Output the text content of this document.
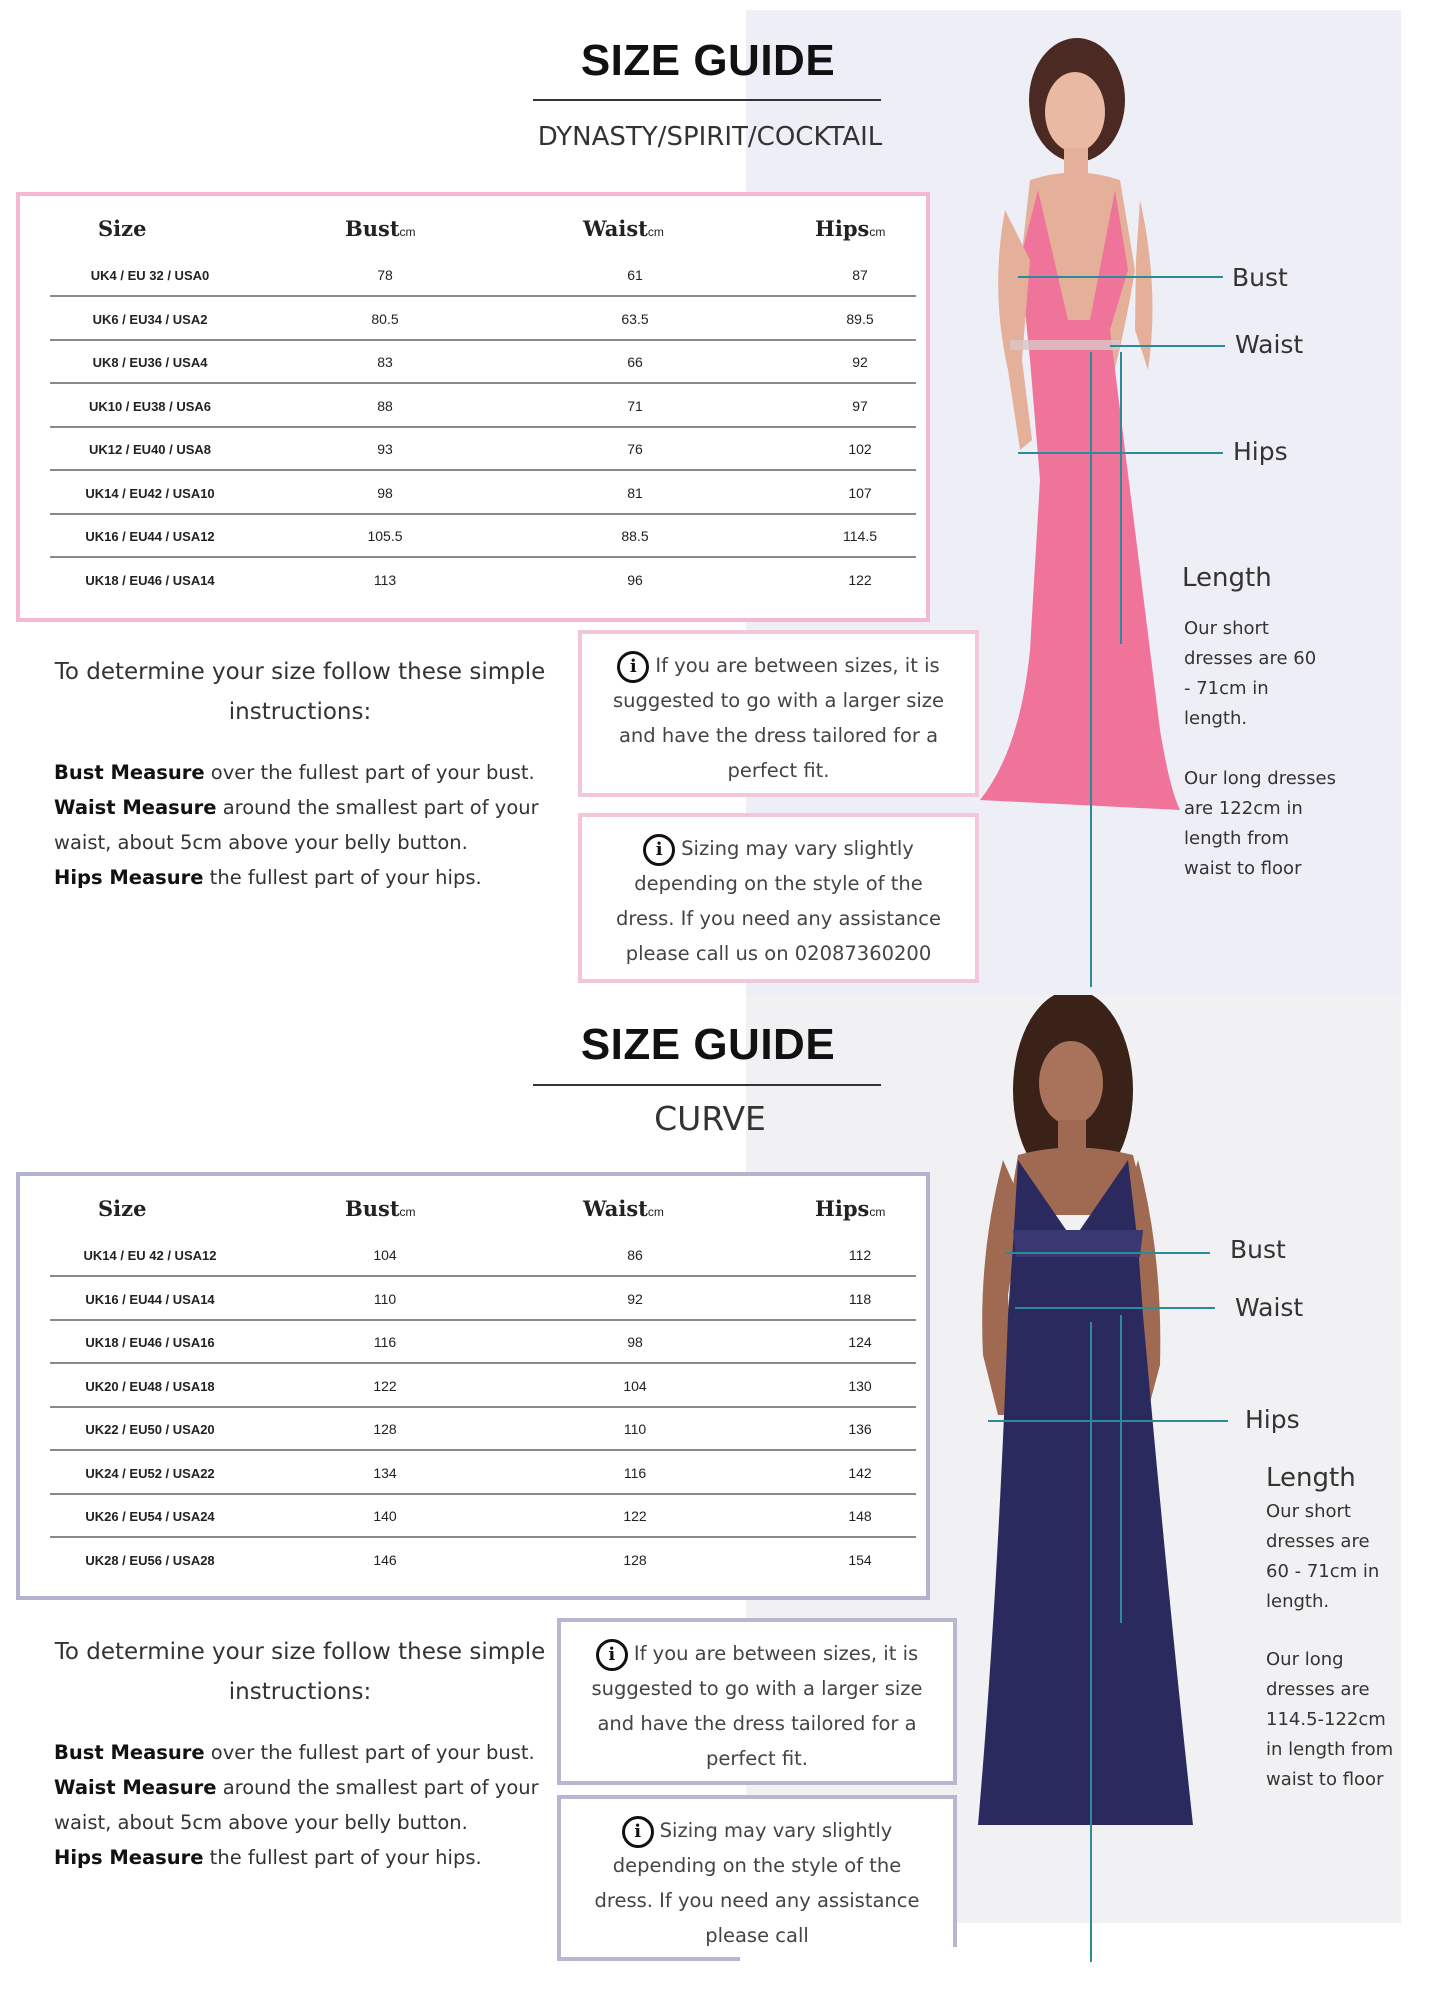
SIZE GUIDE
DYNASTY/SPIRIT/COCKTAIL
Size	Bustcm	Waistcm	Hipscm
UK4 / EU 32 / USA0	78	61	87
UK6 / EU34 / USA2	80.5	63.5	89.5
UK8 / EU36 / USA4	83	66	92
UK10 / EU38 / USA6	88	71	97
UK12 / EU40 / USA8	93	76	102
UK14 / EU42 / USA10	98	81	107
UK16 / EU44 / USA12	105.5	88.5	114.5
UK18 / EU46 / USA14	113	96	122
To determine your size follow these simple instructions:
Bust Measure over the fullest part of your bust.
Waist Measure around the smallest part of your waist, about 5cm above your belly button.
Hips Measure the fullest part of your hips.
i If you are between sizes, it is suggested to go with a larger size and have the dress tailored for a perfect fit.
i Sizing may vary slightly depending on the style of the dress. If you need any assistance please call us on 02087360200
Bust
Waist
Hips
Length
Our short dresses are 60 - 71cm in length.
Our long dresses are 122cm in length from waist to floor
SIZE GUIDE
CURVE
Size	Bustcm	Waistcm	Hipscm
UK14 / EU 42 / USA12	104	86	112
UK16 / EU44 / USA14	110	92	118
UK18 / EU46 / USA16	116	98	124
UK20 / EU48 / USA18	122	104	130
UK22 / EU50 / USA20	128	110	136
UK24 / EU52 / USA22	134	116	142
UK26 / EU54 / USA24	140	122	148
UK28 / EU56 / USA28	146	128	154
To determine your size follow these simple instructions:
Bust Measure over the fullest part of your bust.
Waist Measure around the smallest part of your waist, about 5cm above your belly button.
Hips Measure the fullest part of your hips.
i If you are between sizes, it is suggested to go with a larger size and have the dress tailored for a perfect fit.
i Sizing may vary slightly depending on the style of the dress. If you need any assistance please call
Bust
Waist
Hips
Length
Our short dresses are 60 - 71cm in length.
Our long dresses are 114.5-122cm in length from waist to floor
